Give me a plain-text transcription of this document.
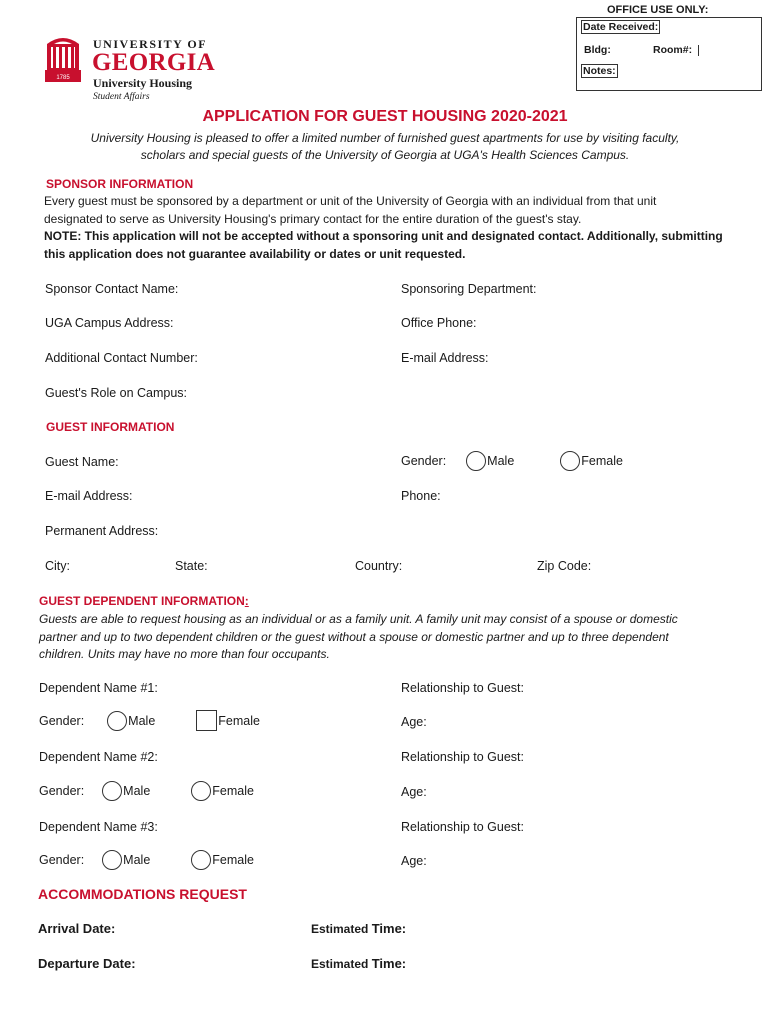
OFFICE USE ONLY:
Date Received:
Bldg:	Room#:
Notes:
1785
UNIVERSITY OF
GEORGIA
University Housing
Student Affairs
APPLICATION FOR GUEST HOUSING 2020-2021
University Housing is pleased to offer a limited number of furnished guest apartments for use by visiting faculty,
scholars and special guests of the University of Georgia at UGA's Health Sciences Campus.
SPONSOR INFORMATION
Every guest must be sponsored by a department or unit of the University of Georgia with an individual from that unit
designated to serve as University Housing's primary contact for the entire duration of the guest's stay.
NOTE: This application will not be accepted without a sponsoring unit and designated contact. Additionally, submitting
this application does not guarantee availability or dates or unit requested.
Sponsor Contact Name:	Sponsoring Department:
UGA Campus Address:	Office Phone:
Additional Contact Number:	E-mail Address:
Guest's Role on Campus:
GUEST INFORMATION
Guest Name:	Gender:	Male	Female
E-mail Address:	Phone:
Permanent Address:
City:	State:	Country:	Zip Code:
GUEST DEPENDENT INFORMATION:
Guests are able to request housing as an individual or as a family unit. A family unit may consist of a spouse or domestic
partner and up to two dependent children or the guest without a spouse or domestic partner and up to three dependent
children. Units may have no more than four occupants.
Dependent Name #1:	Relationship to Guest:
Gender:	Male	Female	Age:
Dependent Name #2:	Relationship to Guest:
Gender:	Male	Female	Age:
Dependent Name #3:	Relationship to Guest:
Gender:	Male	Female	Age:
ACCOMMODATIONS REQUEST
Arrival Date:	Estimated Time:
Departure Date:	Estimated Time:
